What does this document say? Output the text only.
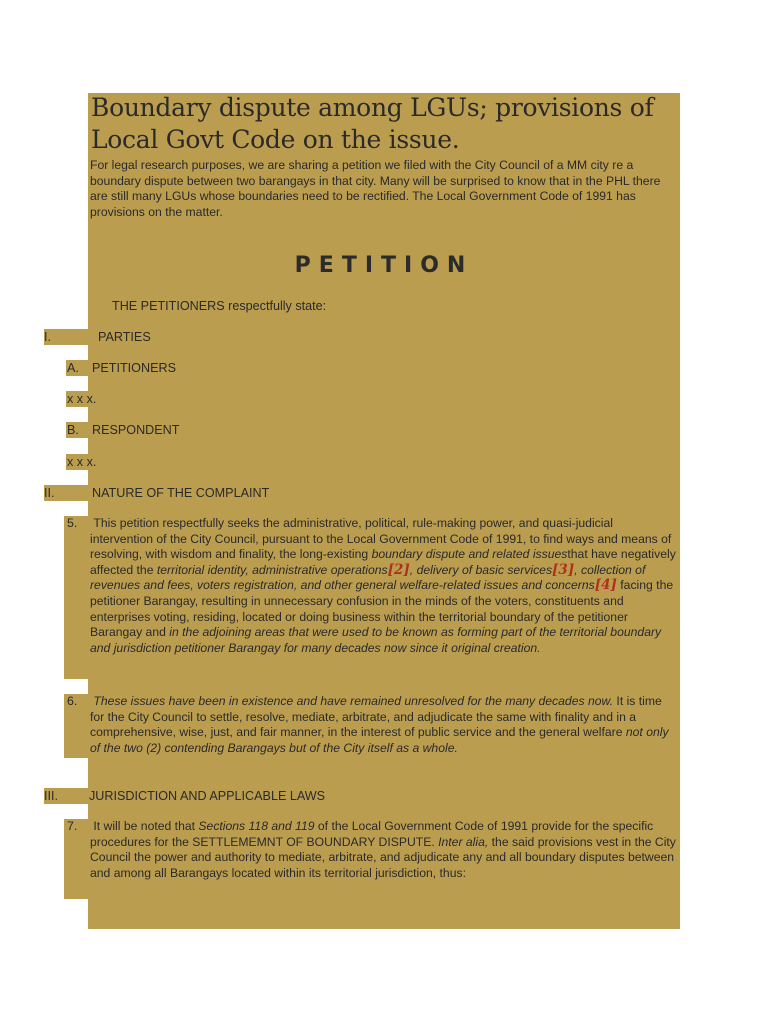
Boundary dispute among LGUs; provisions of Local Govt Code on the issue.
For legal research purposes, we are sharing a petition we filed with the City Council of a MM city re a boundary dispute between two barangays in that city. Many will be surprised to know that in the PHL there are still many LGUs whose boundaries need to be rectified. The Local Government Code of 1991 has provisions on the matter.
PETITION
THE PETITIONERS respectfully state:
I.	PARTIES
A. PETITIONERS
x x x.
B. RESPONDENT
x x x.
II.	NATURE OF THE COMPLAINT
5. This petition respectfully seeks the administrative, political, rule-making power, and quasi-judicial intervention of the City Council, pursuant to the Local Government Code of 1991, to find ways and means of resolving, with wisdom and finality, the long-existing boundary dispute and related issuesthat have negatively affected the territorial identity, administrative operations[2], delivery of basic services[3], collection of revenues and fees, voters registration, and other general welfare-related issues and concerns[4] facing the petitioner Barangay, resulting in unnecessary confusion in the minds of the voters, constituents and enterprises voting, residing, located or doing business within the territorial boundary of the petitioner Barangay and in the adjoining areas that were used to be known as forming part of the territorial boundary and jurisdiction petitioner Barangay for many decades now since it original creation.
6. These issues have been in existence and have remained unresolved for the many decades now. It is time for the City Council to settle, resolve, mediate, arbitrate, and adjudicate the same with finality and in a comprehensive, wise, just, and fair manner, in the interest of public service and the general welfare not only of the two (2) contending Barangays but of the City itself as a whole.
III. JURISDICTION AND APPLICABLE LAWS
7. It will be noted that Sections 118 and 119 of the Local Government Code of 1991 provide for the specific procedures for the SETTLEMEMNT OF BOUNDARY DISPUTE. Inter alia, the said provisions vest in the City Council the power and authority to mediate, arbitrate, and adjudicate any and all boundary disputes between and among all Barangays located within its territorial jurisdiction, thus:
